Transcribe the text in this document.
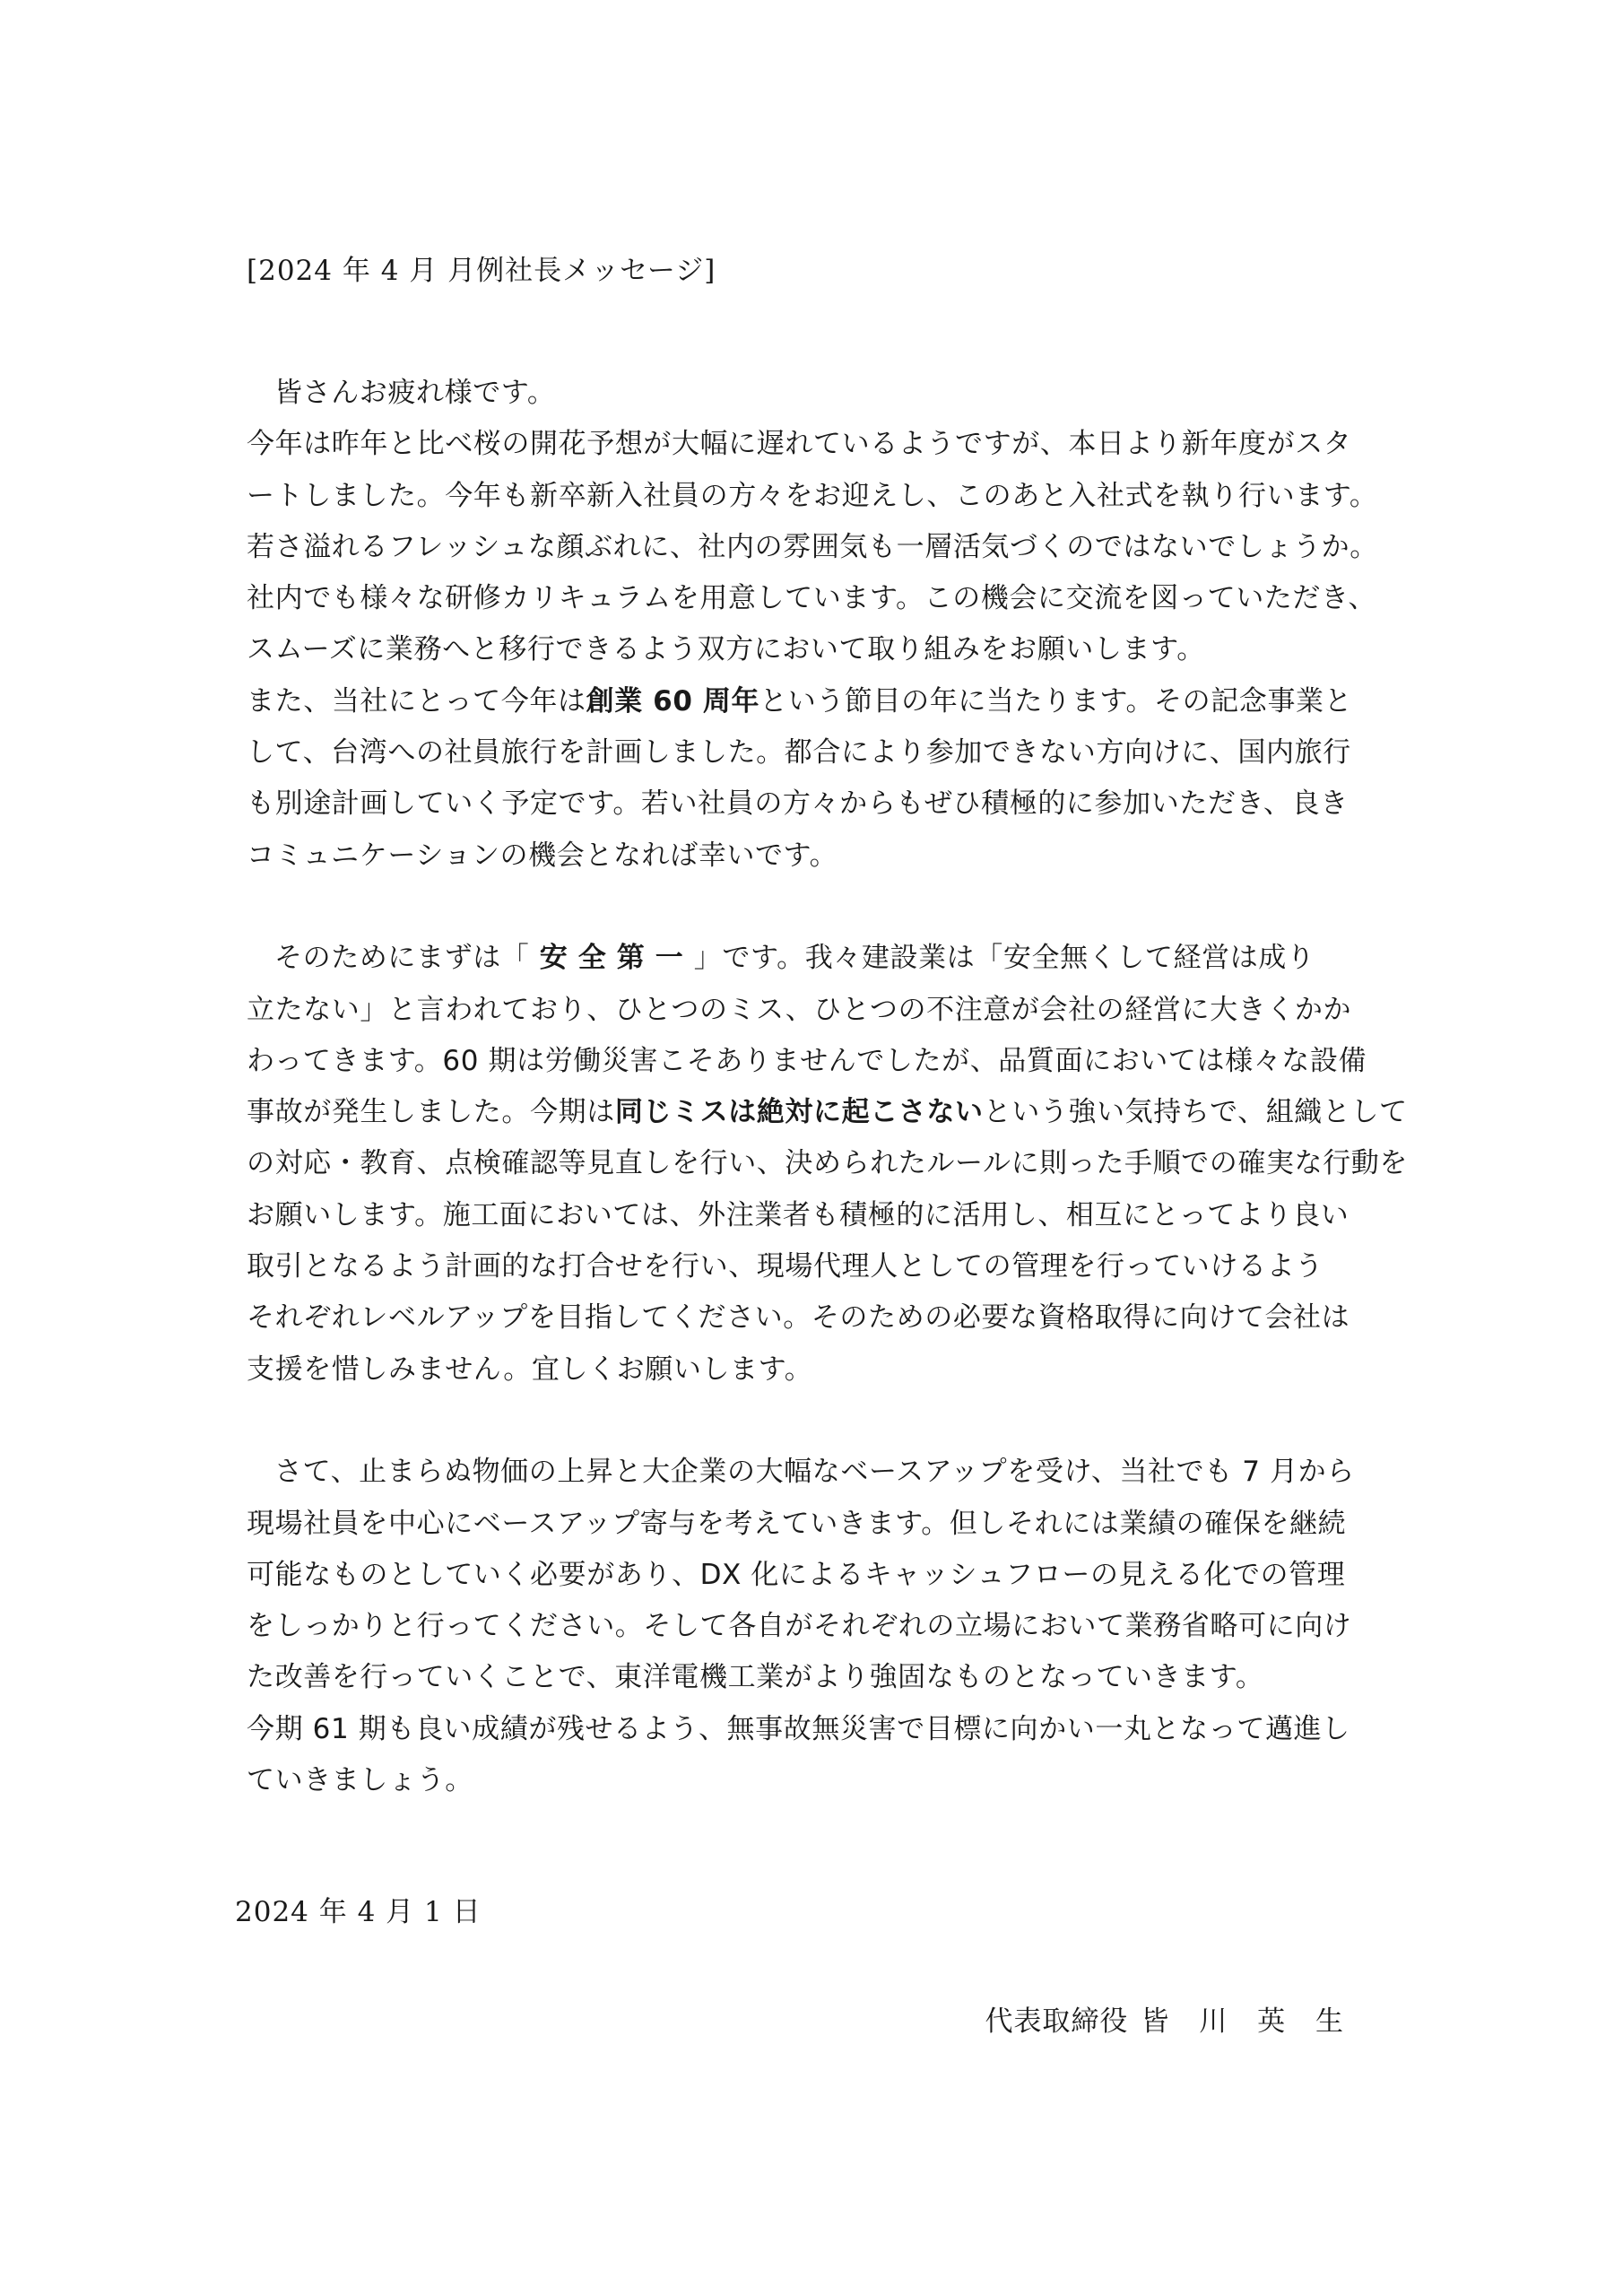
[2024 年 4 月 月例社長メッセージ]
皆さんお疲れ様です。
今年は昨年と比べ桜の開花予想が大幅に遅れているようですが、本日より新年度がスタ
ートしました。今年も新卒新入社員の方々をお迎えし、このあと入社式を執り行います。
若さ溢れるフレッシュな顔ぶれに、社内の雰囲気も一層活気づくのではないでしょうか。
社内でも様々な研修カリキュラムを用意しています。この機会に交流を図っていただき、
スムーズに業務へと移行できるよう双方において取り組みをお願いします。
また、当社にとって今年は創業 60 周年という節目の年に当たります。その記念事業と
して、台湾への社員旅行を計画しました。都合により参加できない方向けに、国内旅行
も別途計画していく予定です。若い社員の方々からもぜひ積極的に参加いただき、良き
コミュニケーションの機会となれば幸いです。
そのためにまずは「 安 全 第 一 」です。我々建設業は「安全無くして経営は成り
立たない」と言われており、ひとつのミス、ひとつの不注意が会社の経営に大きくかか
わってきます。60 期は労働災害こそありませんでしたが、品質面においては様々な設備
事故が発生しました。今期は同じミスは絶対に起こさないという強い気持ちで、組織として
の対応・教育、点検確認等見直しを行い、決められたルールに則った手順での確実な行動を
お願いします。施工面においては、外注業者も積極的に活用し、相互にとってより良い
取引となるよう計画的な打合せを行い、現場代理人としての管理を行っていけるよう
それぞれレベルアップを目指してください。そのための必要な資格取得に向けて会社は
支援を惜しみません。宜しくお願いします。
さて、止まらぬ物価の上昇と大企業の大幅なベースアップを受け、当社でも 7 月から
現場社員を中心にベースアップ寄与を考えていきます。但しそれには業績の確保を継続
可能なものとしていく必要があり、DX 化によるキャッシュフローの見える化での管理
をしっかりと行ってください。そして各自がそれぞれの立場において業務省略可に向け
た改善を行っていくことで、東洋電機工業がより強固なものとなっていきます。
今期 61 期も良い成績が残せるよう、無事故無災害で目標に向かい一丸となって邁進し
ていきましょう。
2024 年 4 月 1 日
代表取締役 皆 川 英 生
